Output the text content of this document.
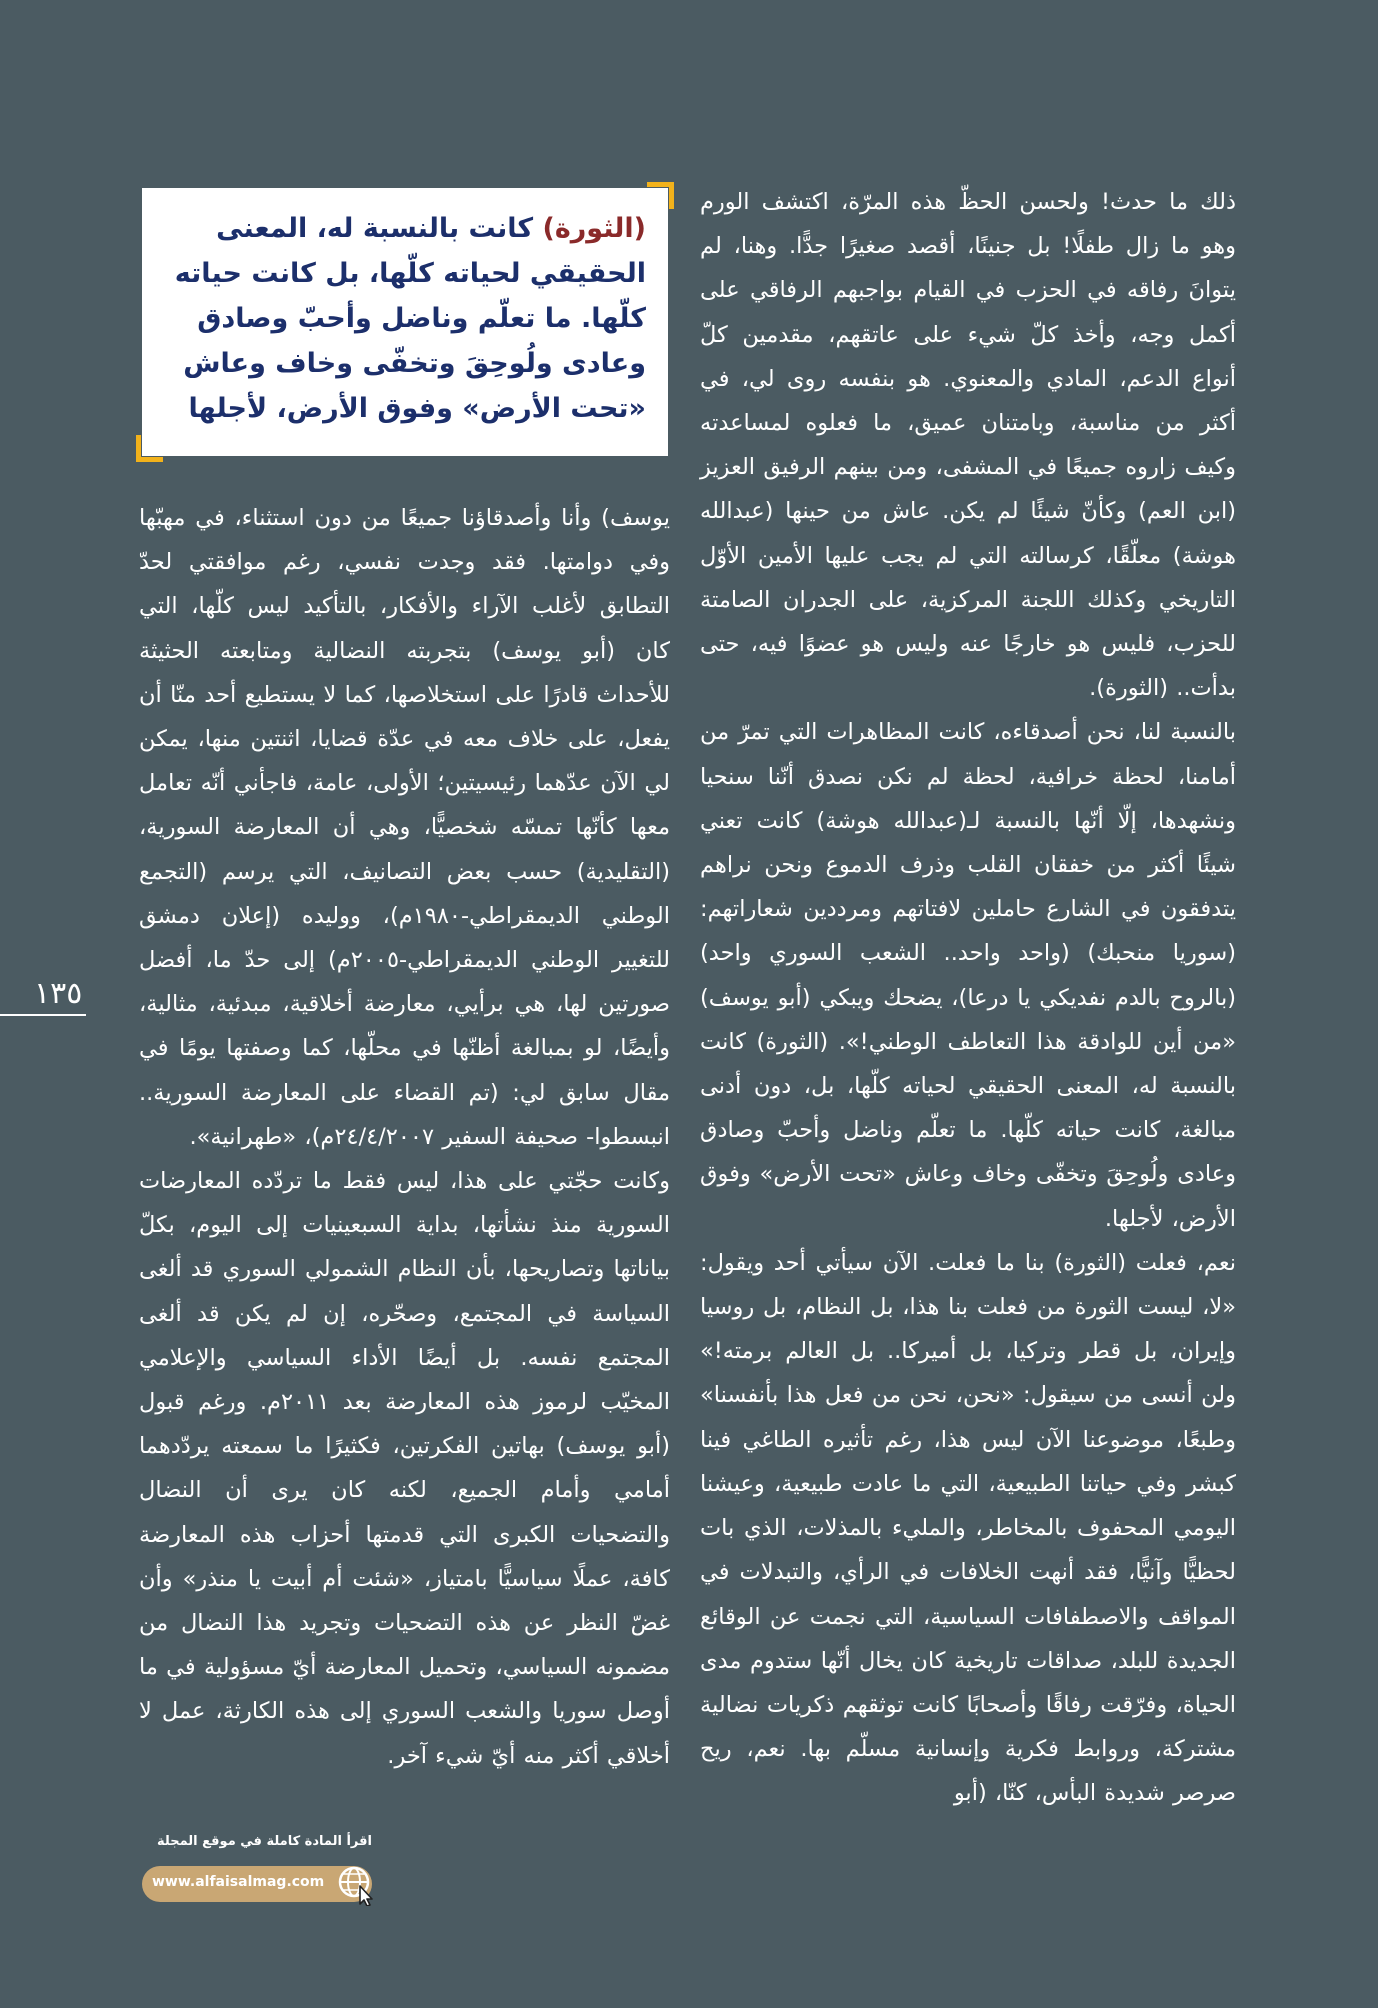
ذلك ما حدث! ولحسن الحظّ هذه المرّة، اكتشف الورم وهو ما زال طفلًا! بل جنينًا، أقصد صغيرًا جدًّا. وهنا، لم يتوانَ رفاقه في الحزب في القيام بواجبهم الرفاقي على أكمل وجه، وأخذ كلّ شيء على عاتقهم، مقدمين كلّ أنواع الدعم، المادي والمعنوي. هو بنفسه روى لي، في أكثر من مناسبة، وبامتنان عميق، ما فعلوه لمساعدته وكيف زاروه جميعًا في المشفى، ومن بينهم الرفيق العزيز (ابن العم) وكأنّ شيئًا لم يكن. عاش من حينها (عبدالله هوشة) معلّقًا، كرسالته التي لم يجب عليها الأمين الأوّل التاريخي وكذلك اللجنة المركزية، على الجدران الصامتة للحزب، فليس هو خارجًا عنه وليس هو عضوًا فيه، حتى بدأت.. (الثورة).

بالنسبة لنا، نحن أصدقاءه، كانت المظاهرات التي تمرّ من أمامنا، لحظة خرافية، لحظة لم نكن نصدق أنّنا سنحيا ونشهدها، إلّا أنّها بالنسبة لـ(عبدالله هوشة) كانت تعني شيئًا أكثر من خفقان القلب وذرف الدموع ونحن نراهم يتدفقون في الشارع حاملين لافتاتهم ومرددين شعاراتهم: (سوريا منحبك) (واحد واحد.. الشعب السوري واحد) (بالروح بالدم نفديكي يا درعا)، يضحك ويبكي (أبو يوسف) «من أين للوادقة هذا التعاطف الوطني!». (الثورة) كانت بالنسبة له، المعنى الحقيقي لحياته كلّها، بل، دون أدنى مبالغة، كانت حياته كلّها. ما تعلّم وناضل وأحبّ وصادق وعادى ولُوحِقَ وتخفّى وخاف وعاش «تحت الأرض» وفوق الأرض، لأجلها.

نعم، فعلت (الثورة) بنا ما فعلت. الآن سيأتي أحد ويقول: «لا، ليست الثورة من فعلت بنا هذا، بل النظام، بل روسيا وإيران، بل قطر وتركيا، بل أميركا.. بل العالم برمته!» ولن أنسى من سيقول: «نحن، نحن من فعل هذا بأنفسنا» وطبعًا، موضوعنا الآن ليس هذا، رغم تأثيره الطاغي فينا كبشر وفي حياتنا الطبيعية، التي ما عادت طبيعية، وعيشنا اليومي المحفوف بالمخاطر، والمليء بالمذلات، الذي بات لحظيًّا وآنيًّا، فقد أنهت الخلافات في الرأي، والتبدلات في المواقف والاصطفافات السياسية، التي نجمت عن الوقائع الجديدة للبلد، صداقات تاريخية كان يخال أنّها ستدوم مدى الحياة، وفرّقت رفاقًا وأصحابًا كانت توثقهم ذكريات نضالية مشتركة، وروابط فكرية وإنسانية مسلّم بها. نعم، ريح صرصر شديدة البأس، كنّا، (أبو

(الثورة) كانت بالنسبة له، المعنى الحقيقي لحياته كلّها، بل كانت حياته كلّها. ما تعلّم وناضل وأحبّ وصادق وعادى ولُوحِقَ وتخفّى وخاف وعاش «تحت الأرض» وفوق الأرض، لأجلها

يوسف) وأنا وأصدقاؤنا جميعًا من دون استثناء، في مهبّها وفي دوامتها. فقد وجدت نفسي، رغم موافقتي لحدّ التطابق لأغلب الآراء والأفكار، بالتأكيد ليس كلّها، التي كان (أبو يوسف) بتجربته النضالية ومتابعته الحثيثة للأحداث قادرًا على استخلاصها، كما لا يستطيع أحد منّا أن يفعل، على خلاف معه في عدّة قضايا، اثنتين منها، يمكن لي الآن عدّهما رئيسيتين؛ الأولى، عامة، فاجأني أنّه تعامل معها كأنّها تمسّه شخصيًّا، وهي أن المعارضة السورية، (التقليدية) حسب بعض التصانيف، التي يرسم (التجمع الوطني الديمقراطي-١٩٨٠م)، ووليده (إعلان دمشق للتغيير الوطني الديمقراطي-٢٠٠٥م) إلى حدّ ما، أفضل صورتين لها، هي برأيي، معارضة أخلاقية، مبدئية، مثالية، وأيضًا، لو بمبالغة أظنّها في محلّها، كما وصفتها يومًا في مقال سابق لي: (تم القضاء على المعارضة السورية.. انبسطوا- صحيفة السفير ٢٤/٤/٢٠٠٧م)، «طهرانية».

وكانت حجّتي على هذا، ليس فقط ما تردّده المعارضات السورية منذ نشأتها، بداية السبعينيات إلى اليوم، بكلّ بياناتها وتصاريحها، بأن النظام الشمولي السوري قد ألغى السياسة في المجتمع، وصحّره، إن لم يكن قد ألغى المجتمع نفسه. بل أيضًا الأداء السياسي والإعلامي المخيّب لرموز هذه المعارضة بعد ٢٠١١م. ورغم قبول (أبو يوسف) بهاتين الفكرتين، فكثيرًا ما سمعته يردّدهما أمامي وأمام الجميع، لكنه كان يرى أن النضال والتضحيات الكبرى التي قدمتها أحزاب هذه المعارضة كافة، عملًا سياسيًّا بامتياز، «شئت أم أبيت يا منذر» وأن غضّ النظر عن هذه التضحيات وتجريد هذا النضال من مضمونه السياسي، وتحميل المعارضة أيّ مسؤولية في ما أوصل سوريا والشعب السوري إلى هذه الكارثة، عمل لا أخلاقي أكثر منه أيّ شيء آخر.

١٣٥
اقرأ المادة كاملة في موقع المجلة
www.alfaisalmag.com
